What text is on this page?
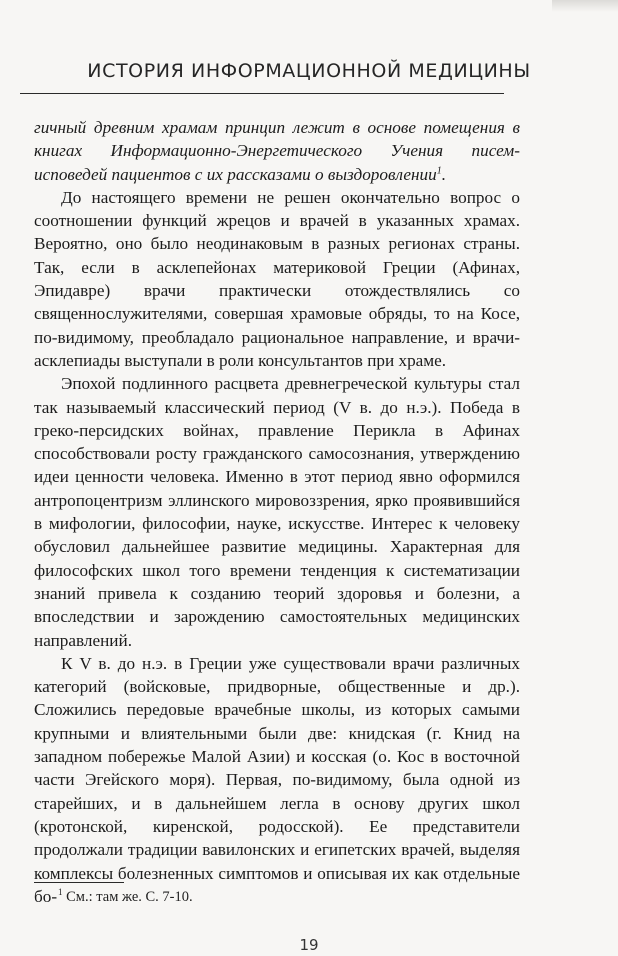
ИСТОРИЯ ИНФОРМАЦИОННОЙ МЕДИЦИНЫ

гичный древним храмам принцип лежит в основе помещения в книгах Информационно-Энергетического Учения писем-исповедей пациентов с их рассказами о выздоровлении$^1$.

До настоящего времени не решен окончательно вопрос о соотношении функций жрецов и врачей в указанных храмах. Вероятно, оно было неодинаковым в разных регионах страны. Так, если в асклепейонах материковой Греции (Афинах, Эпидавре) врачи практически отождествлялись со священнослужителями, совершая храмовые обряды, то на Косе, по-видимому, преобладало рациональное направление, и врачи-асклепиады выступали в роли консультантов при храме.

Эпохой подлинного расцвета древнегреческой культуры стал так называемый классический период (V в. до н.э.). Победа в греко-персидских войнах, правление Перикла в Афинах способствовали росту гражданского самосознания, утверждению идеи ценности человека. Именно в этот период явно оформился антропоцентризм эллинского мировоззрения, ярко проявившийся в мифологии, философии, науке, искусстве. Интерес к человеку обусловил дальнейшее развитие медицины. Характерная для философских школ того времени тенденция к систематизации знаний привела к созданию теорий здоровья и болезни, а впоследствии и зарождению самостоятельных медицинских направлений.

К V в. до н.э. в Греции уже существовали врачи различных категорий (войсковые, придворные, общественные и др.). Сложились передовые врачебные школы, из которых самыми крупными и влиятельными были две: книдская (г. Книд на западном побережье Малой Азии) и косская (о. Кос в восточной части Эгейского моря). Первая, по-видимому, была одной из старейших, и в дальнейшем легла в основу других школ (кротонской, киренской, родосской). Ее представители продолжали традиции вавилонских и египетских врачей, выделяя комплексы болезненных симптомов и описывая их как отдельные бо- $^1$ См.: там же. С. 7-10.
19
